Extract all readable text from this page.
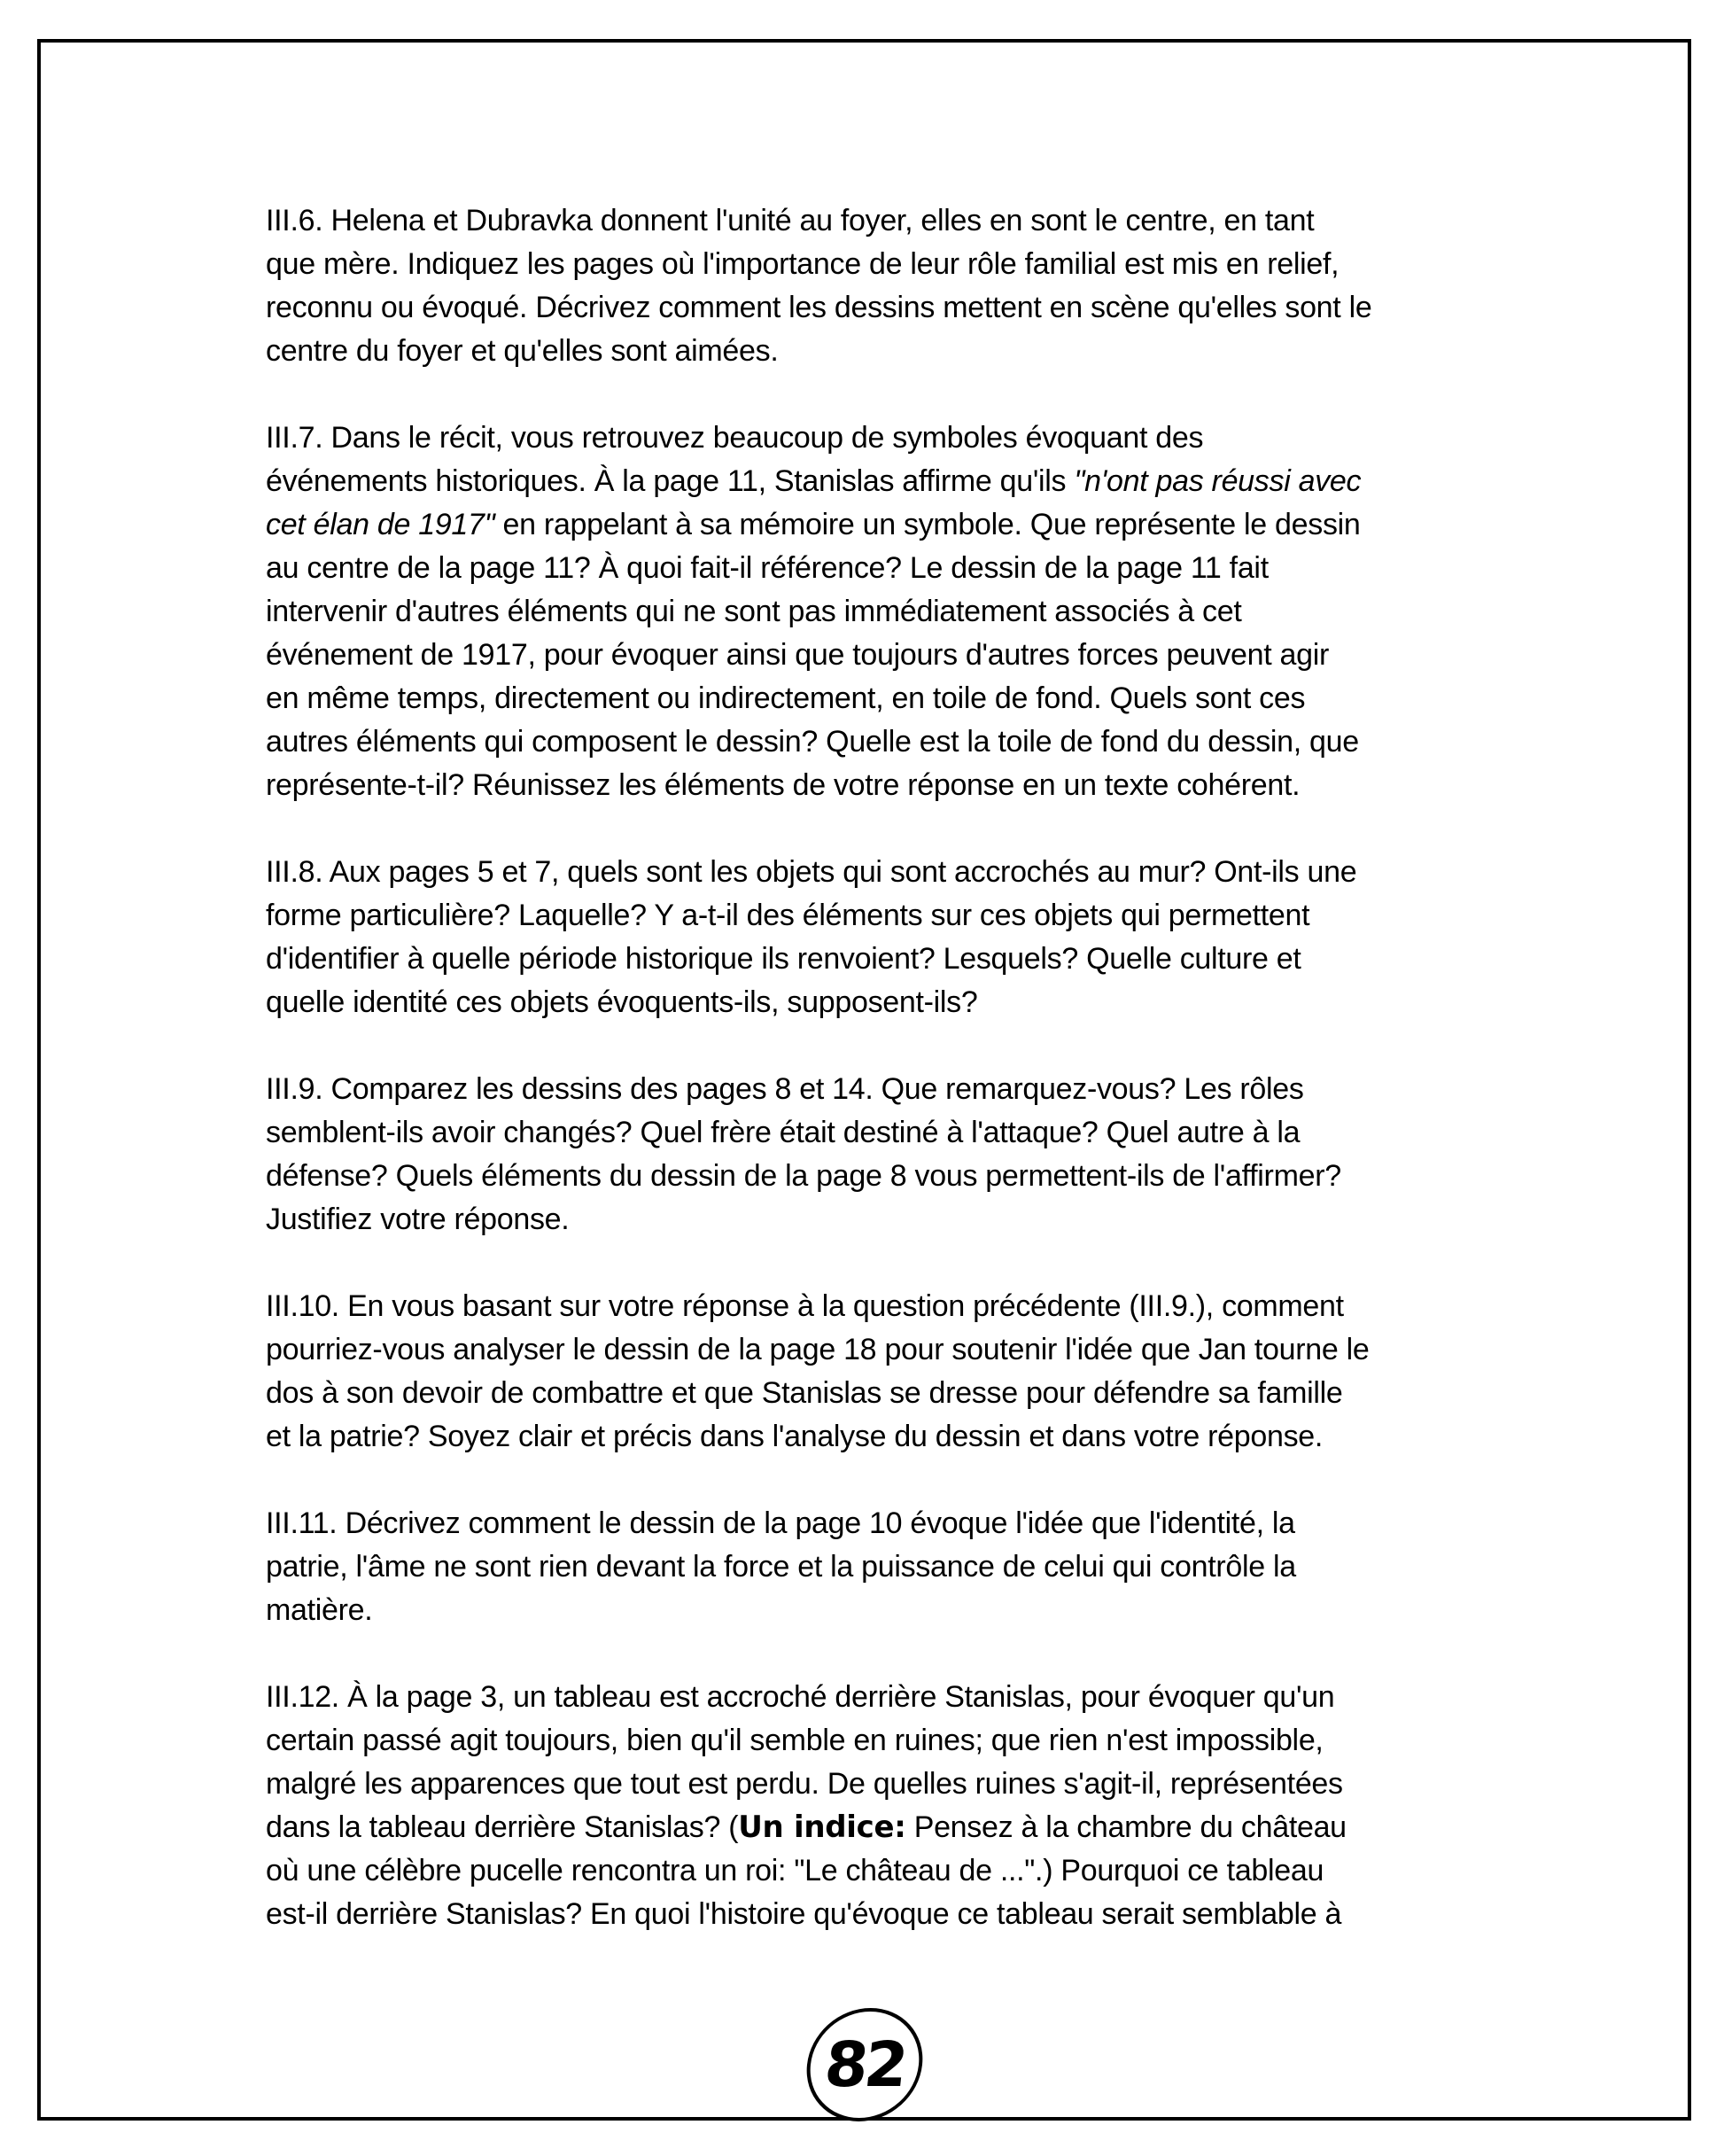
III.6. Helena et Dubravka donnent l'unité au foyer, elles en sont le centre, en tant
que mère. Indiquez les pages où l'importance de leur rôle familial est mis en relief,
reconnu ou évoqué. Décrivez comment les dessins mettent en scène qu'elles sont le
centre du foyer et qu'elles sont aimées.
III.7. Dans le récit, vous retrouvez beaucoup de symboles évoquant des
événements historiques. À la page 11, Stanislas affirme qu'ils "n'ont pas réussi avec
cet élan de 1917" en rappelant à sa mémoire un symbole. Que représente le dessin
au centre de la page 11? À quoi fait-il référence? Le dessin de la page 11 fait
intervenir d'autres éléments qui ne sont pas immédiatement associés à cet
événement de 1917, pour évoquer ainsi que toujours d'autres forces peuvent agir
en même temps, directement ou indirectement, en toile de fond. Quels sont ces
autres éléments qui composent le dessin? Quelle est la toile de fond du dessin, que
représente-t-il? Réunissez les éléments de votre réponse en un texte cohérent.
III.8. Aux pages 5 et 7, quels sont les objets qui sont accrochés au mur? Ont-ils une
forme particulière? Laquelle? Y a-t-il des éléments sur ces objets qui permettent
d'identifier à quelle période historique ils renvoient? Lesquels? Quelle culture et
quelle identité ces objets évoquents-ils, supposent-ils?
III.9. Comparez les dessins des pages 8 et 14. Que remarquez-vous? Les rôles
semblent-ils avoir changés? Quel frère était destiné à l'attaque? Quel autre à la
défense? Quels éléments du dessin de la page 8 vous permettent-ils de l'affirmer?
Justifiez votre réponse.
III.10. En vous basant sur votre réponse à la question précédente (III.9.), comment
pourriez-vous analyser le dessin de la page 18 pour soutenir l'idée que Jan tourne le
dos à son devoir de combattre et que Stanislas se dresse pour défendre sa famille
et la patrie? Soyez clair et précis dans l'analyse du dessin et dans votre réponse.
III.11. Décrivez comment le dessin de la page 10 évoque l'idée que l'identité, la
patrie, l'âme ne sont rien devant la force et la puissance de celui qui contrôle la
matière.
III.12. À la page 3, un tableau est accroché derrière Stanislas, pour évoquer qu'un
certain passé agit toujours, bien qu'il semble en ruines; que rien n'est impossible,
malgré les apparences que tout est perdu. De quelles ruines s'agit-il, représentées
dans la tableau derrière Stanislas? (Un indice: Pensez à la chambre du château
où une célèbre pucelle rencontra un roi: "Le château de ...".) Pourquoi ce tableau
est-il derrière Stanislas? En quoi l'histoire qu'évoque ce tableau serait semblable à
82
